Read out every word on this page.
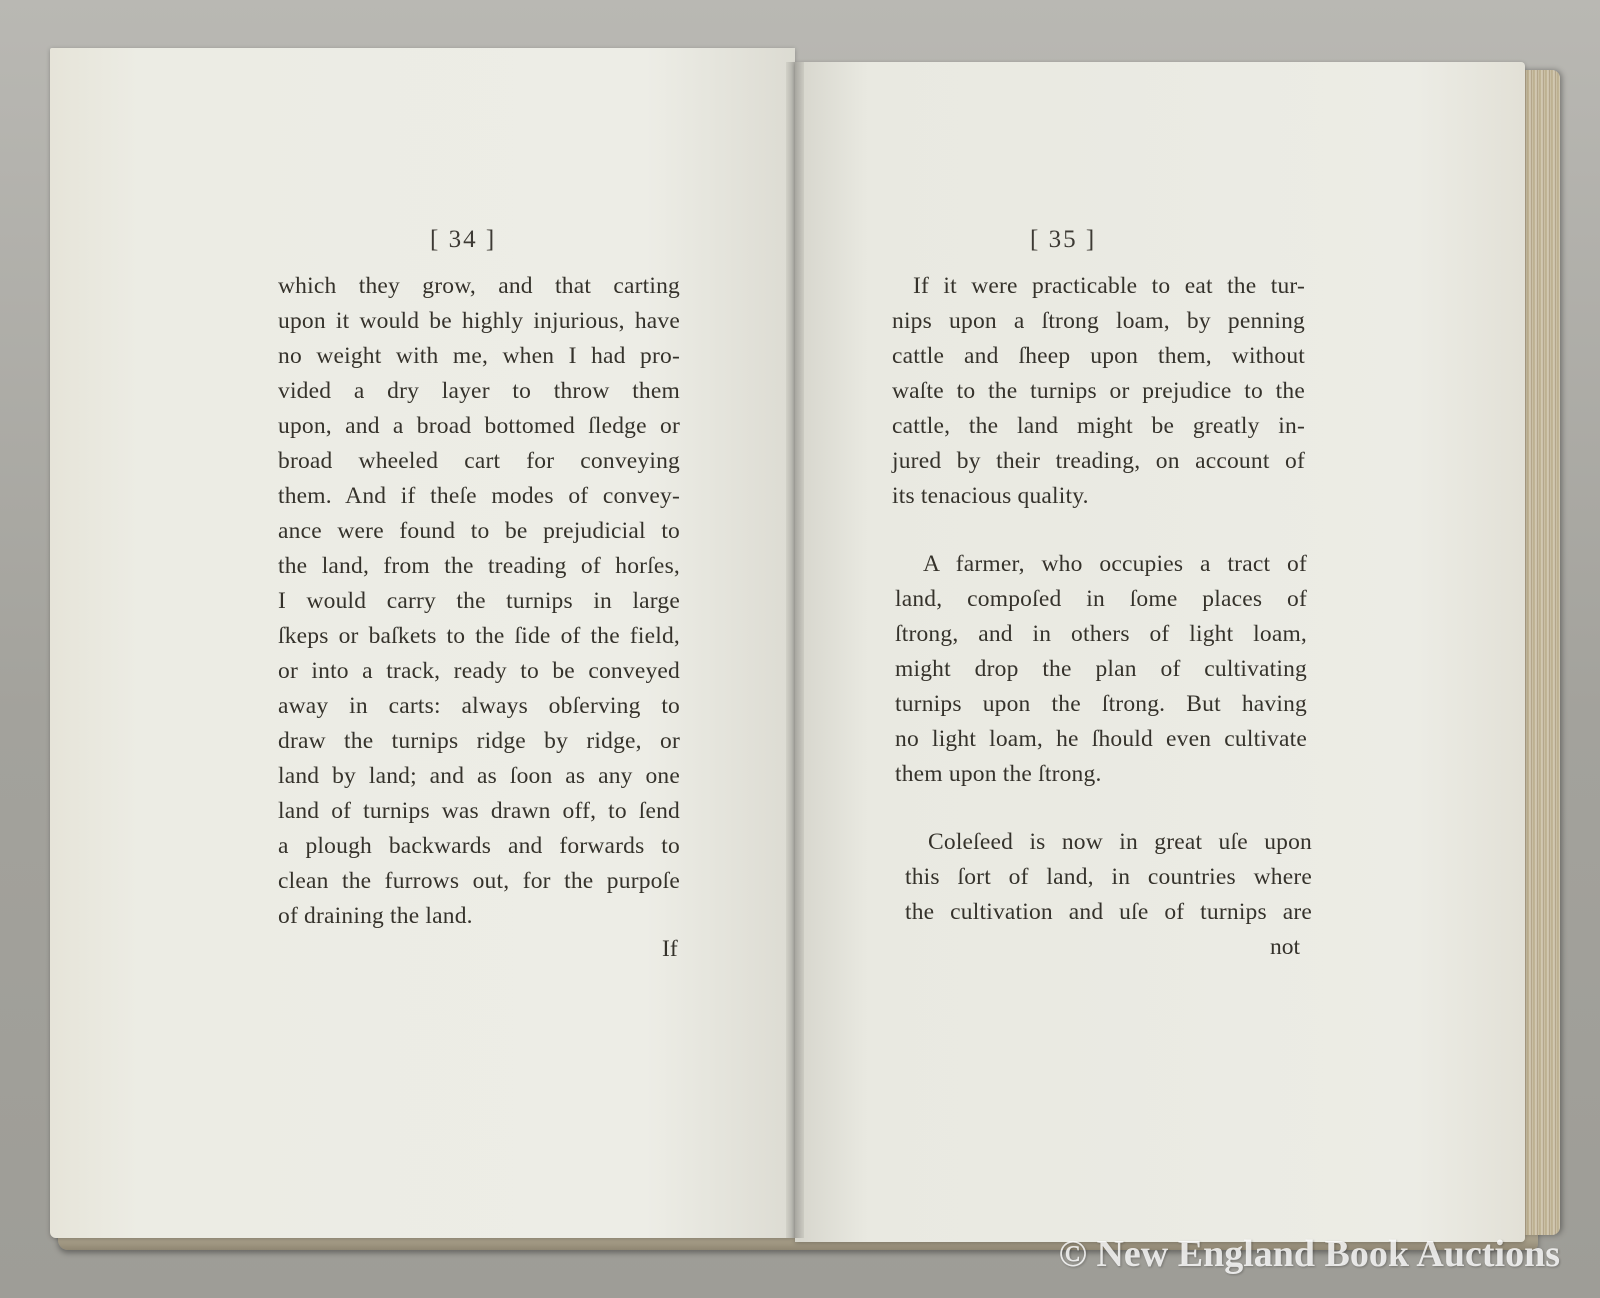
[ 34 ]
which they grow, and that carting
upon it would be highly injurious, have
no weight with me, when I had pro-
vided a dry layer to throw them
upon, and a broad bottomed ſledge or
broad wheeled cart for conveying
them. And if theſe modes of convey-
ance were found to be prejudicial to
the land, from the treading of horſes,
I would carry the turnips in large
ſkeps or baſkets to the ſide of the field,
or into a track, ready to be conveyed
away in carts: always obſerving to
draw the turnips ridge by ridge, or
land by land; and as ſoon as any one
land of turnips was drawn off, to ſend
a plough backwards and forwards to
clean the furrows out, for the purpoſe
of draining the land.
If
[ 35 ]
If it were practicable to eat the tur-
nips upon a ſtrong loam, by penning
cattle and ſheep upon them, without
waſte to the turnips or prejudice to the
cattle, the land might be greatly in-
jured by their treading, on account of
its tenacious quality.
A farmer, who occupies a tract of
land, compoſed in ſome places of
ſtrong, and in others of light loam,
might drop the plan of cultivating
turnips upon the ſtrong. But having
no light loam, he ſhould even cultivate
them upon the ſtrong.
Coleſeed is now in great uſe upon
this ſort of land, in countries where
the cultivation and uſe of turnips are
not
© New England Book Auctions
